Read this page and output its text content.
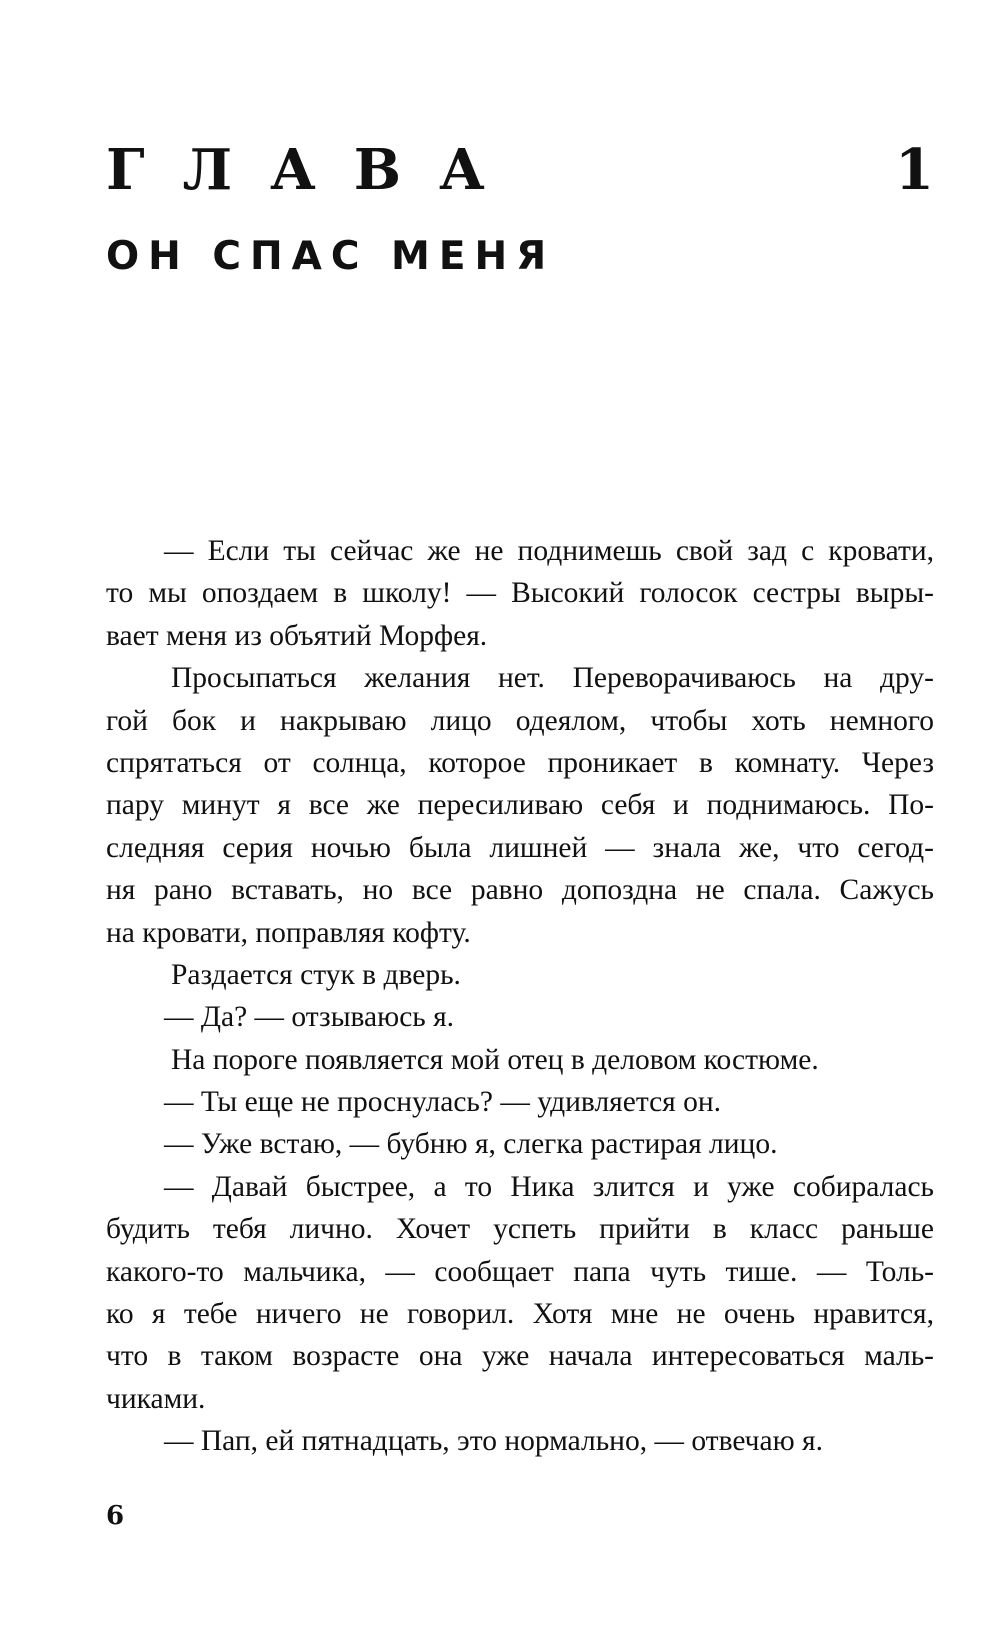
ГЛАВА	1
ОН СПАС МЕНЯ
— Если ты сейчас же не поднимешь свой зад с кровати,
то мы опоздаем в школу! — Высокий голосок сестры выры-
вает меня из объятий Морфея.
Просыпаться желания нет. Переворачиваюсь на дру-
гой бок и накрываю лицо одеялом, чтобы хоть немного
спрятаться от солнца, которое проникает в комнату. Через
пару минут я все же пересиливаю себя и поднимаюсь. По-
следняя серия ночью была лишней — знала же, что сегод-
ня рано вставать, но все равно допоздна не спала. Сажусь
на кровати, поправляя кофту.
Раздается стук в дверь.
— Да? — отзываюсь я.
На пороге появляется мой отец в деловом костюме.
— Ты еще не проснулась? — удивляется он.
— Уже встаю, — бубню я, слегка растирая лицо.
— Давай быстрее, а то Ника злится и уже собиралась
будить тебя лично. Хочет успеть прийти в класс раньше
какого-то мальчика, — сообщает папа чуть тише. — Толь-
ко я тебе ничего не говорил. Хотя мне не очень нравится,
что в таком возрасте она уже начала интересоваться маль-
чиками.
— Пап, ей пятнадцать, это нормально, — отвечаю я.
6
